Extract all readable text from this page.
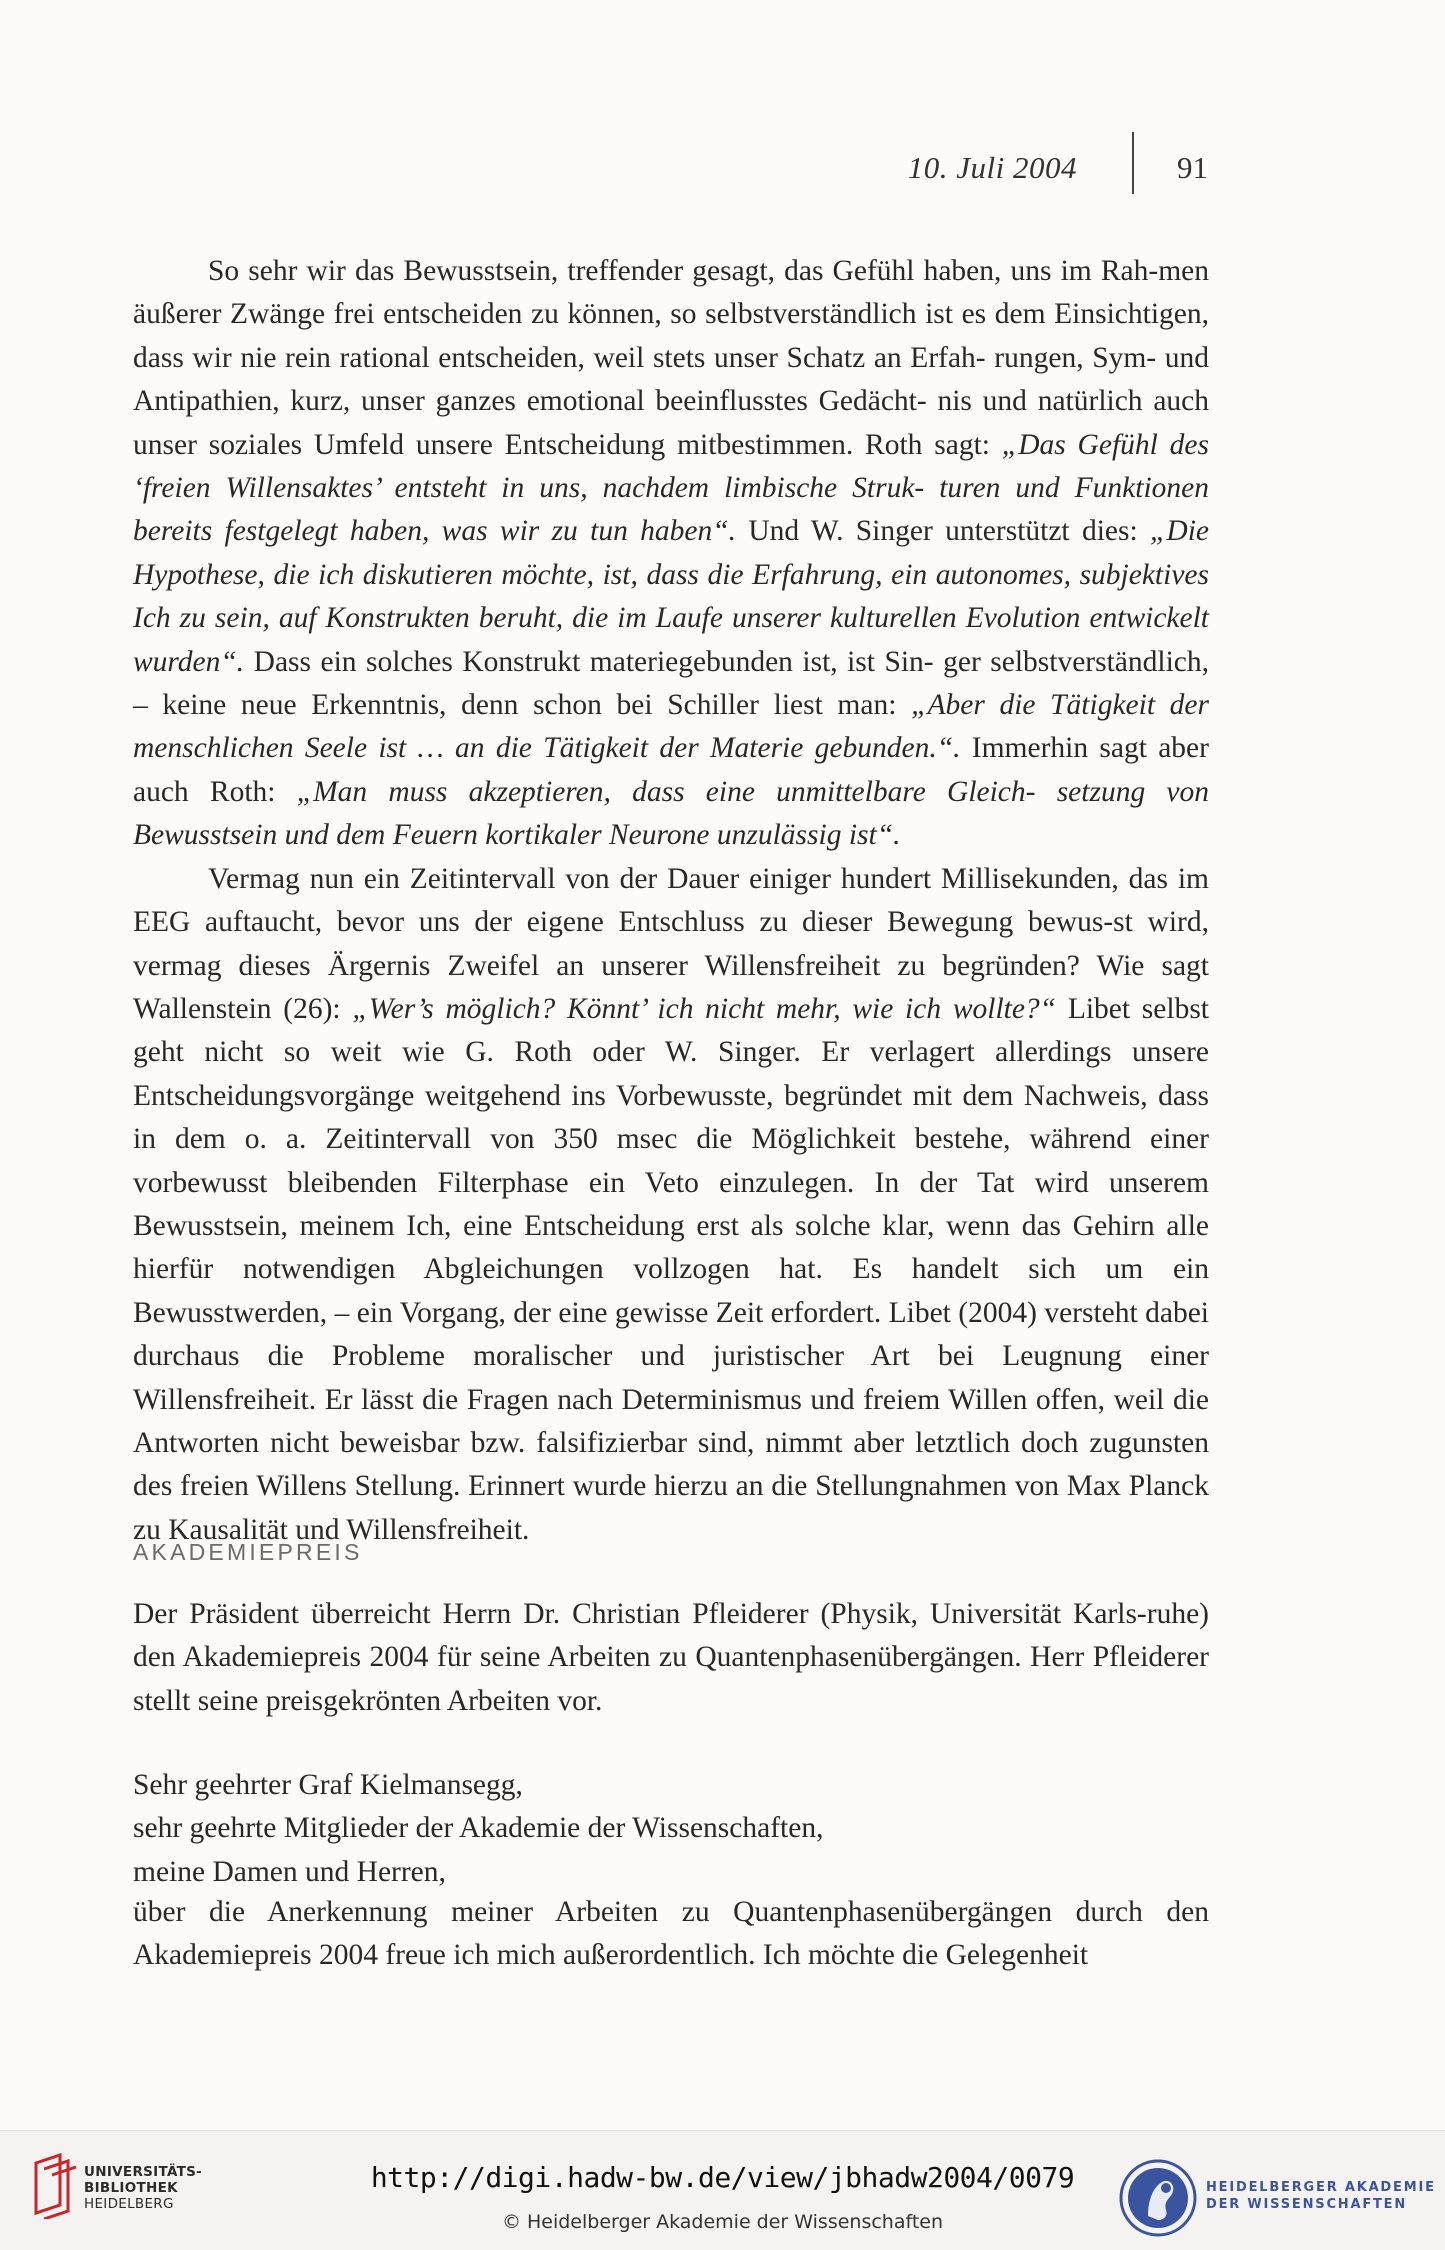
10. Juli 2004	91

So sehr wir das Bewusstsein, treffender gesagt, das Gefühl haben, uns im Rah-men äußerer Zwänge frei entscheiden zu können, so selbstverständlich ist es dem Einsichtigen, dass wir nie rein rational entscheiden, weil stets unser Schatz an Erfah- rungen, Sym- und Antipathien, kurz, unser ganzes emotional beeinflusstes Gedächt- nis und natürlich auch unser soziales Umfeld unsere Entscheidung mitbestimmen. Roth sagt: „Das Gefühl des ‘freien Willensaktes’ entsteht in uns, nachdem limbische Struk- turen und Funktionen bereits festgelegt haben, was wir zu tun haben“. Und W. Singer unterstützt dies: „Die Hypothese, die ich diskutieren möchte, ist, dass die Erfahrung, ein autonomes, subjektives Ich zu sein, auf Konstrukten beruht, die im Laufe unserer kulturellen Evolution entwickelt wurden“. Dass ein solches Konstrukt materiegebunden ist, ist Sin- ger selbstverständlich, – keine neue Erkenntnis, denn schon bei Schiller liest man: „Aber die Tätigkeit der menschlichen Seele ist … an die Tätigkeit der Materie gebunden.“. Immerhin sagt aber auch Roth: „Man muss akzeptieren, dass eine unmittelbare Gleich- setzung von Bewusstsein und dem Feuern kortikaler Neurone unzulässig ist“.

Vermag nun ein Zeitintervall von der Dauer einiger hundert Millisekunden, das im EEG auftaucht, bevor uns der eigene Entschluss zu dieser Bewegung bewus-st wird, vermag dieses Ärgernis Zweifel an unserer Willensfreiheit zu begründen? Wie sagt Wallenstein (26): „Wer’s möglich? Könnt’ ich nicht mehr, wie ich wollte?“ Libet selbst geht nicht so weit wie G. Roth oder W. Singer. Er verlagert allerdings unsere Entscheidungsvorgänge weitgehend ins Vorbewusste, begründet mit dem Nachweis, dass in dem o. a. Zeitintervall von 350 msec die Möglichkeit bestehe, während einer vorbewusst bleibenden Filterphase ein Veto einzulegen. In der Tat wird unserem Bewusstsein, meinem Ich, eine Entscheidung erst als solche klar, wenn das Gehirn alle hierfür notwendigen Abgleichungen vollzogen hat. Es handelt sich um ein Bewusstwerden, – ein Vorgang, der eine gewisse Zeit erfordert. Libet (2004) versteht dabei durchaus die Probleme moralischer und juristischer Art bei Leugnung einer Willensfreiheit. Er lässt die Fragen nach Determinismus und freiem Willen offen, weil die Antworten nicht beweisbar bzw. falsifizierbar sind, nimmt aber letztlich doch zugunsten des freien Willens Stellung. Erinnert wurde hierzu an die Stellungnahmen von Max Planck zu Kausalität und Willensfreiheit.

AKADEMIEPREIS

Der Präsident überreicht Herrn Dr. Christian Pfleiderer (Physik, Universität Karls-ruhe) den Akademiepreis 2004 für seine Arbeiten zu Quantenphasenübergängen. Herr Pfleiderer stellt seine preisgekrönten Arbeiten vor.

Sehr geehrter Graf Kielmansegg,

sehr geehrte Mitglieder der Akademie der Wissenschaften,

meine Damen und Herren,

über die Anerkennung meiner Arbeiten zu Quantenphasenübergängen durch den Akademiepreis 2004 freue ich mich außerordentlich. Ich möchte die Gelegenheit

UNIVERSITÄTS-
BIBLIOTHEK
HEIDELBERG
http://digi.hadw-bw.de/view/jbhadw2004/0079
© Heidelberger Akademie der Wissenschaften
HEIDELBERGER AKADEMIE
DER WISSENSCHAFTEN
